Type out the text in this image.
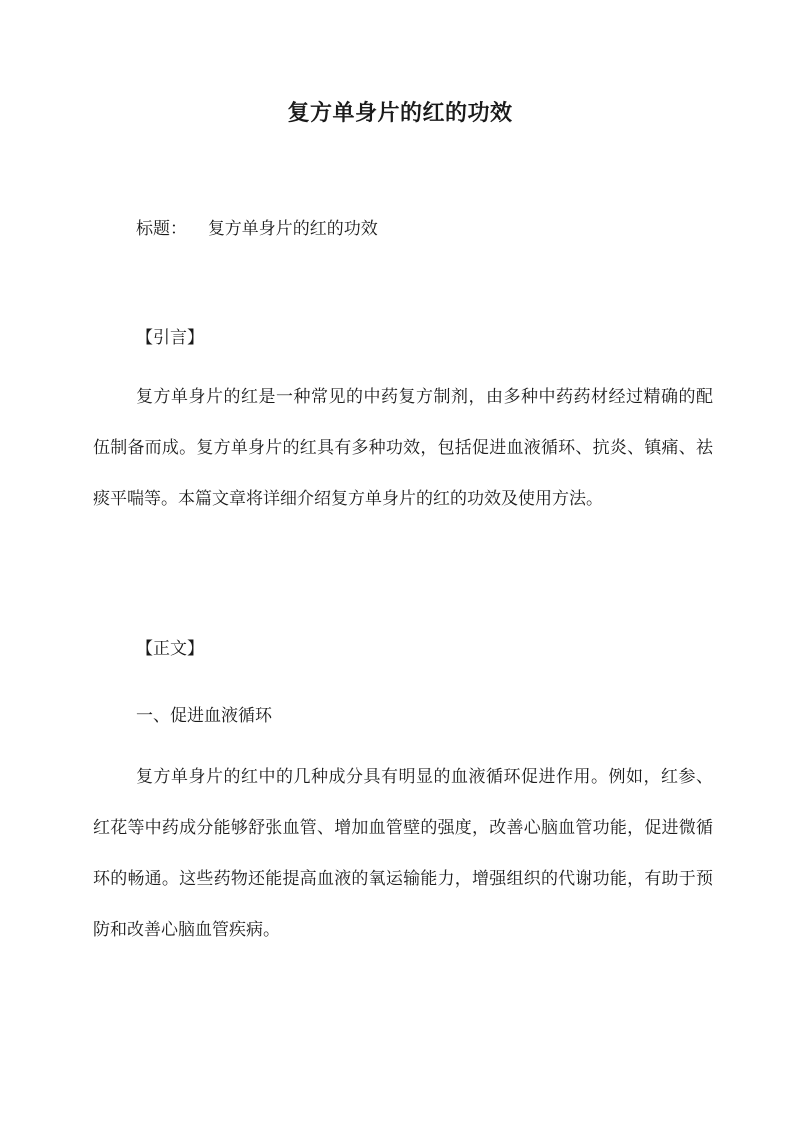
复方单身片的红的功效
标题： 复方单身片的红的功效
【引言】

复方单身片的红是一种常见的中药复方制剂，由多种中药药材经过精确的配伍制备而成。复方单身片的红具有多种功效，包括促进血液循环、抗炎、镇痛、祛痰平喘等。本篇文章将详细介绍复方单身片的红的功效及使用方法。

【正文】
一、促进血液循环

复方单身片的红中的几种成分具有明显的血液循环促进作用。例如，红参、红花等中药成分能够舒张血管、增加血管壁的强度，改善心脑血管功能，促进微循环的畅通。这些药物还能提高血液的氧运输能力，增强组织的代谢功能，有助于预防和改善心脑血管疾病。
